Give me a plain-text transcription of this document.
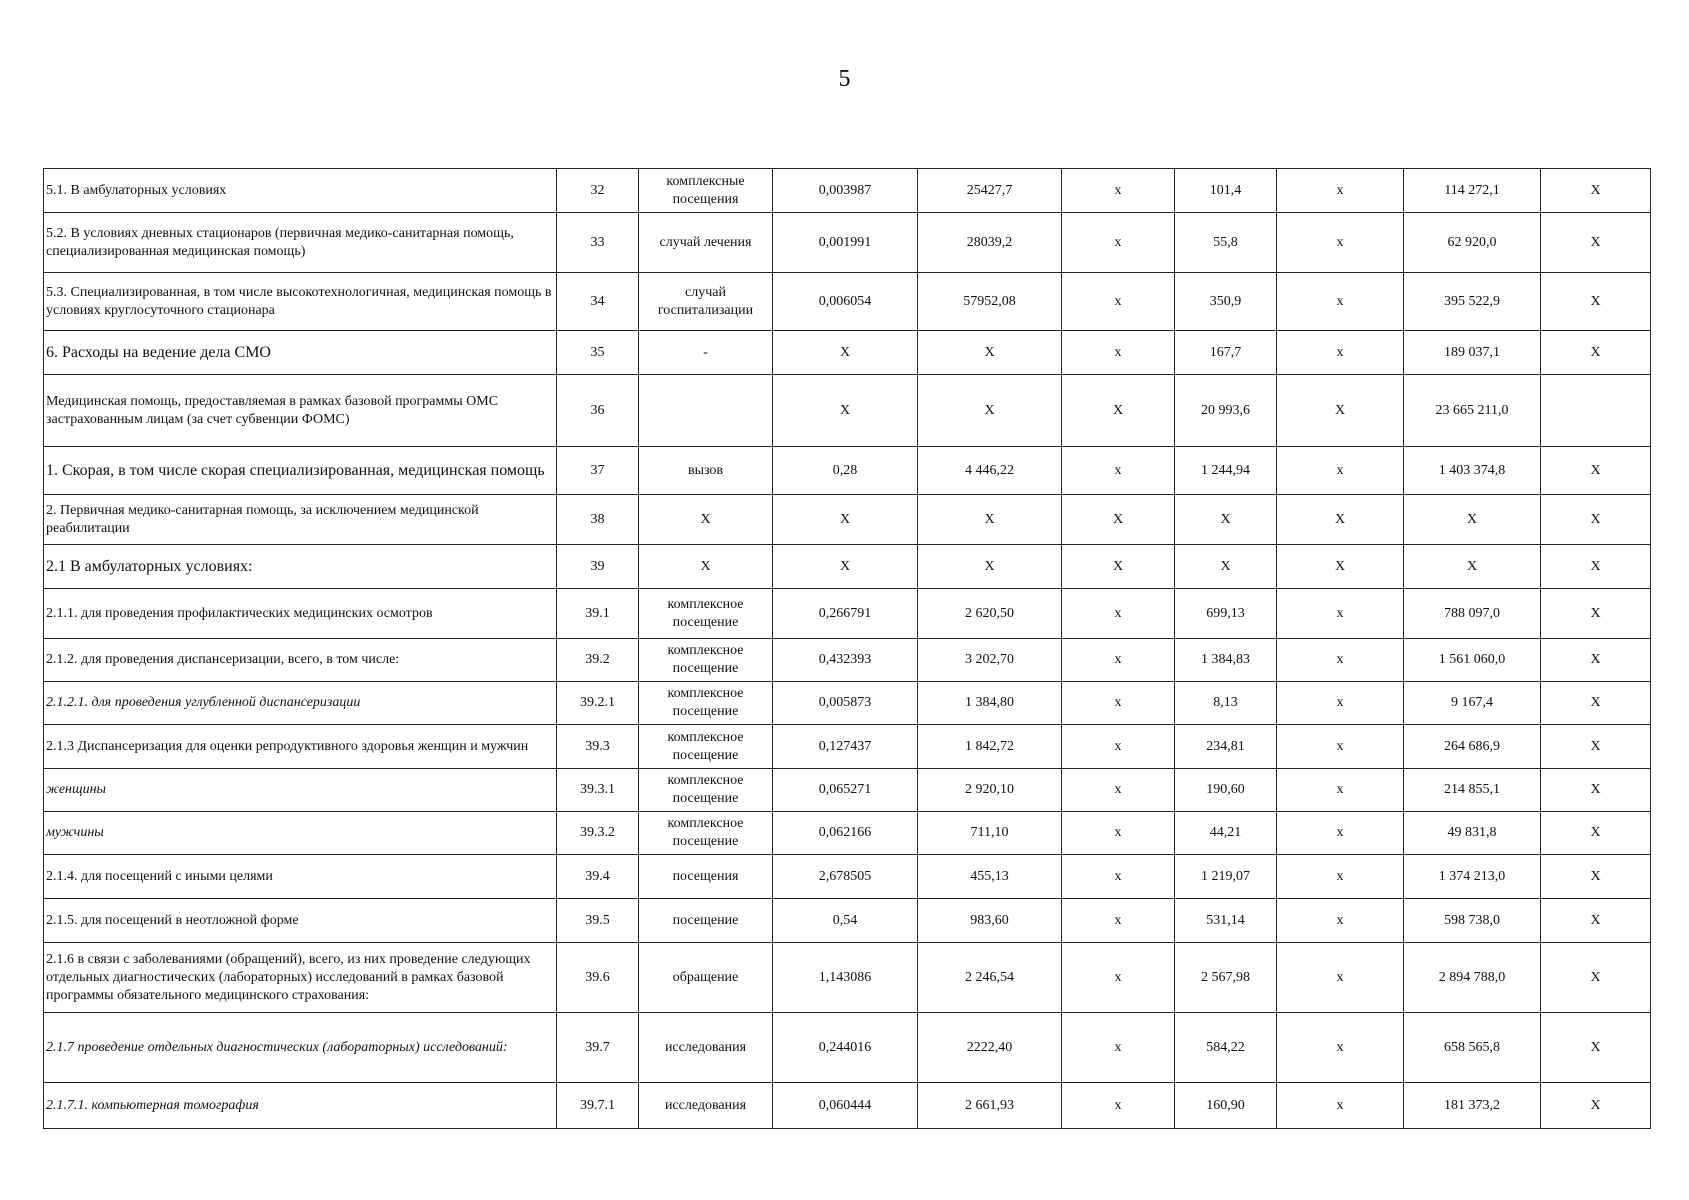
5
5.1. В амбулаторных условиях	32	комплексные посещения	0,003987	25427,7	х	101,4	х	114 272,1	Х
5.2. В условиях дневных стационаров (первичная медико-санитарная помощь, специализированная медицинская помощь)	33	случай лечения	0,001991	28039,2	х	55,8	х	62 920,0	Х
5.3. Специализированная, в том числе высокотехнологичная, медицинская помощь в условиях круглосуточного стационара	34	случай госпитализации	0,006054	57952,08	х	350,9	х	395 522,9	Х
6. Расходы на ведение дела СМО	35	-	Х	Х	х	167,7	х	189 037,1	Х
Медицинская помощь, предоставляемая в рамках базовой программы ОМС застрахованным лицам (за счет субвенции ФОМС)	36		Х	Х	Х	20 993,6	Х	23 665 211,0	
1. Скорая, в том числе скорая специализированная, медицинская помощь	37	вызов	0,28	4 446,22	х	1 244,94	х	1 403 374,8	Х
2. Первичная медико-санитарная помощь, за исключением медицинской реабилитации	38	Х	Х	Х	Х	Х	Х	Х	Х
2.1 В амбулаторных условиях:	39	Х	Х	Х	Х	Х	Х	Х	Х
2.1.1. для проведения профилактических медицинских осмотров	39.1	комплексное посещение	0,266791	2 620,50	х	699,13	х	788 097,0	Х
2.1.2. для проведения диспансеризации, всего, в том числе:	39.2	комплексное посещение	0,432393	3 202,70	х	1 384,83	х	1 561 060,0	Х
2.1.2.1. для проведения углубленной диспансеризации	39.2.1	комплексное посещение	0,005873	1 384,80	х	8,13	х	9 167,4	Х
2.1.3 Диспансеризация для оценки репродуктивного здоровья женщин и мужчин	39.3	комплексное посещение	0,127437	1 842,72	х	234,81	х	264 686,9	Х
женщины	39.3.1	комплексное посещение	0,065271	2 920,10	х	190,60	х	214 855,1	Х
мужчины	39.3.2	комплексное посещение	0,062166	711,10	х	44,21	х	49 831,8	Х
2.1.4. для посещений с иными целями	39.4	посещения	2,678505	455,13	х	1 219,07	х	1 374 213,0	Х
2.1.5. для посещений в неотложной форме	39.5	посещение	0,54	983,60	х	531,14	х	598 738,0	Х
2.1.6 в связи с заболеваниями (обращений), всего, из них проведение следующих отдельных диагностических (лабораторных) исследований в рамках базовой программы обязательного медицинского страхования:	39.6	обращение	1,143086	2 246,54	х	2 567,98	х	2 894 788,0	Х
2.1.7 проведение отдельных диагностических (лабораторных) исследований:	39.7	исследования	0,244016	2222,40	х	584,22	х	658 565,8	Х
2.1.7.1. компьютерная томография	39.7.1	исследования	0,060444	2 661,93	х	160,90	х	181 373,2	Х
